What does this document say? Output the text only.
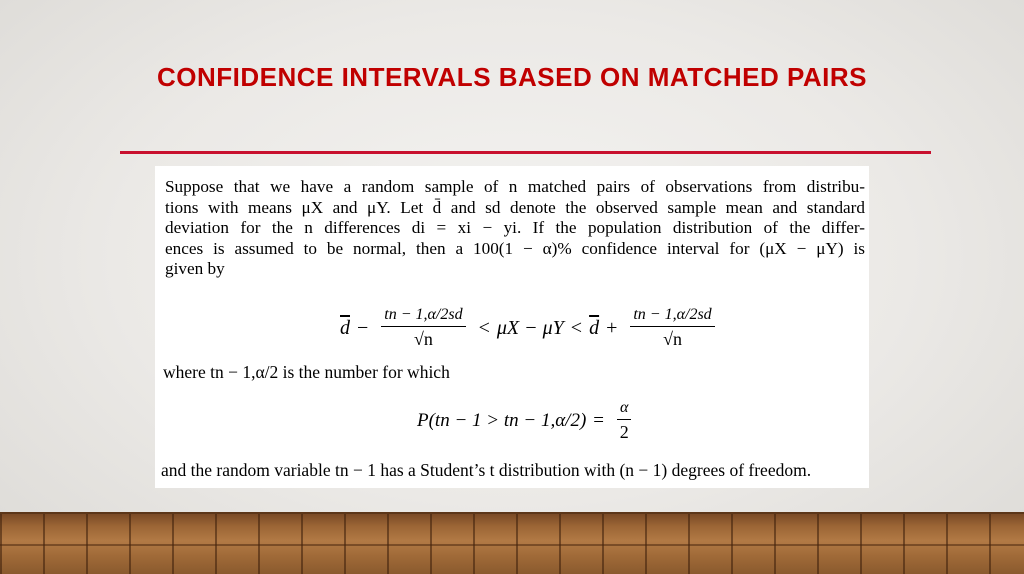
CONFIDENCE INTERVALS BASED ON MATCHED PAIRS

Suppose that we have a random sample of n matched pairs of observations from distribu-
tions with means μX and μY. Let d̄ and sd denote the observed sample mean and standard
deviation for the n differences di = xi − yi. If the population distribution of the differ-
ences is assumed to be normal, then a 100(1 − α)% confidence interval for (μX − μY) is
given by

$\overline{d} - \frac{tn - 1,\alpha/2sd}{√n} < \mu X - \mu Y < \overline{d} + \frac{tn - 1,\alpha/2sd}{√n}$

where tn − 1,α/2 is the number for which

P(tn − 1 > tn − $1,\alpha/2) = \frac{\alpha}{2}$

and the random variable tn − 1 has a Student’s t distribution with (n − 1) degrees of freedom.
